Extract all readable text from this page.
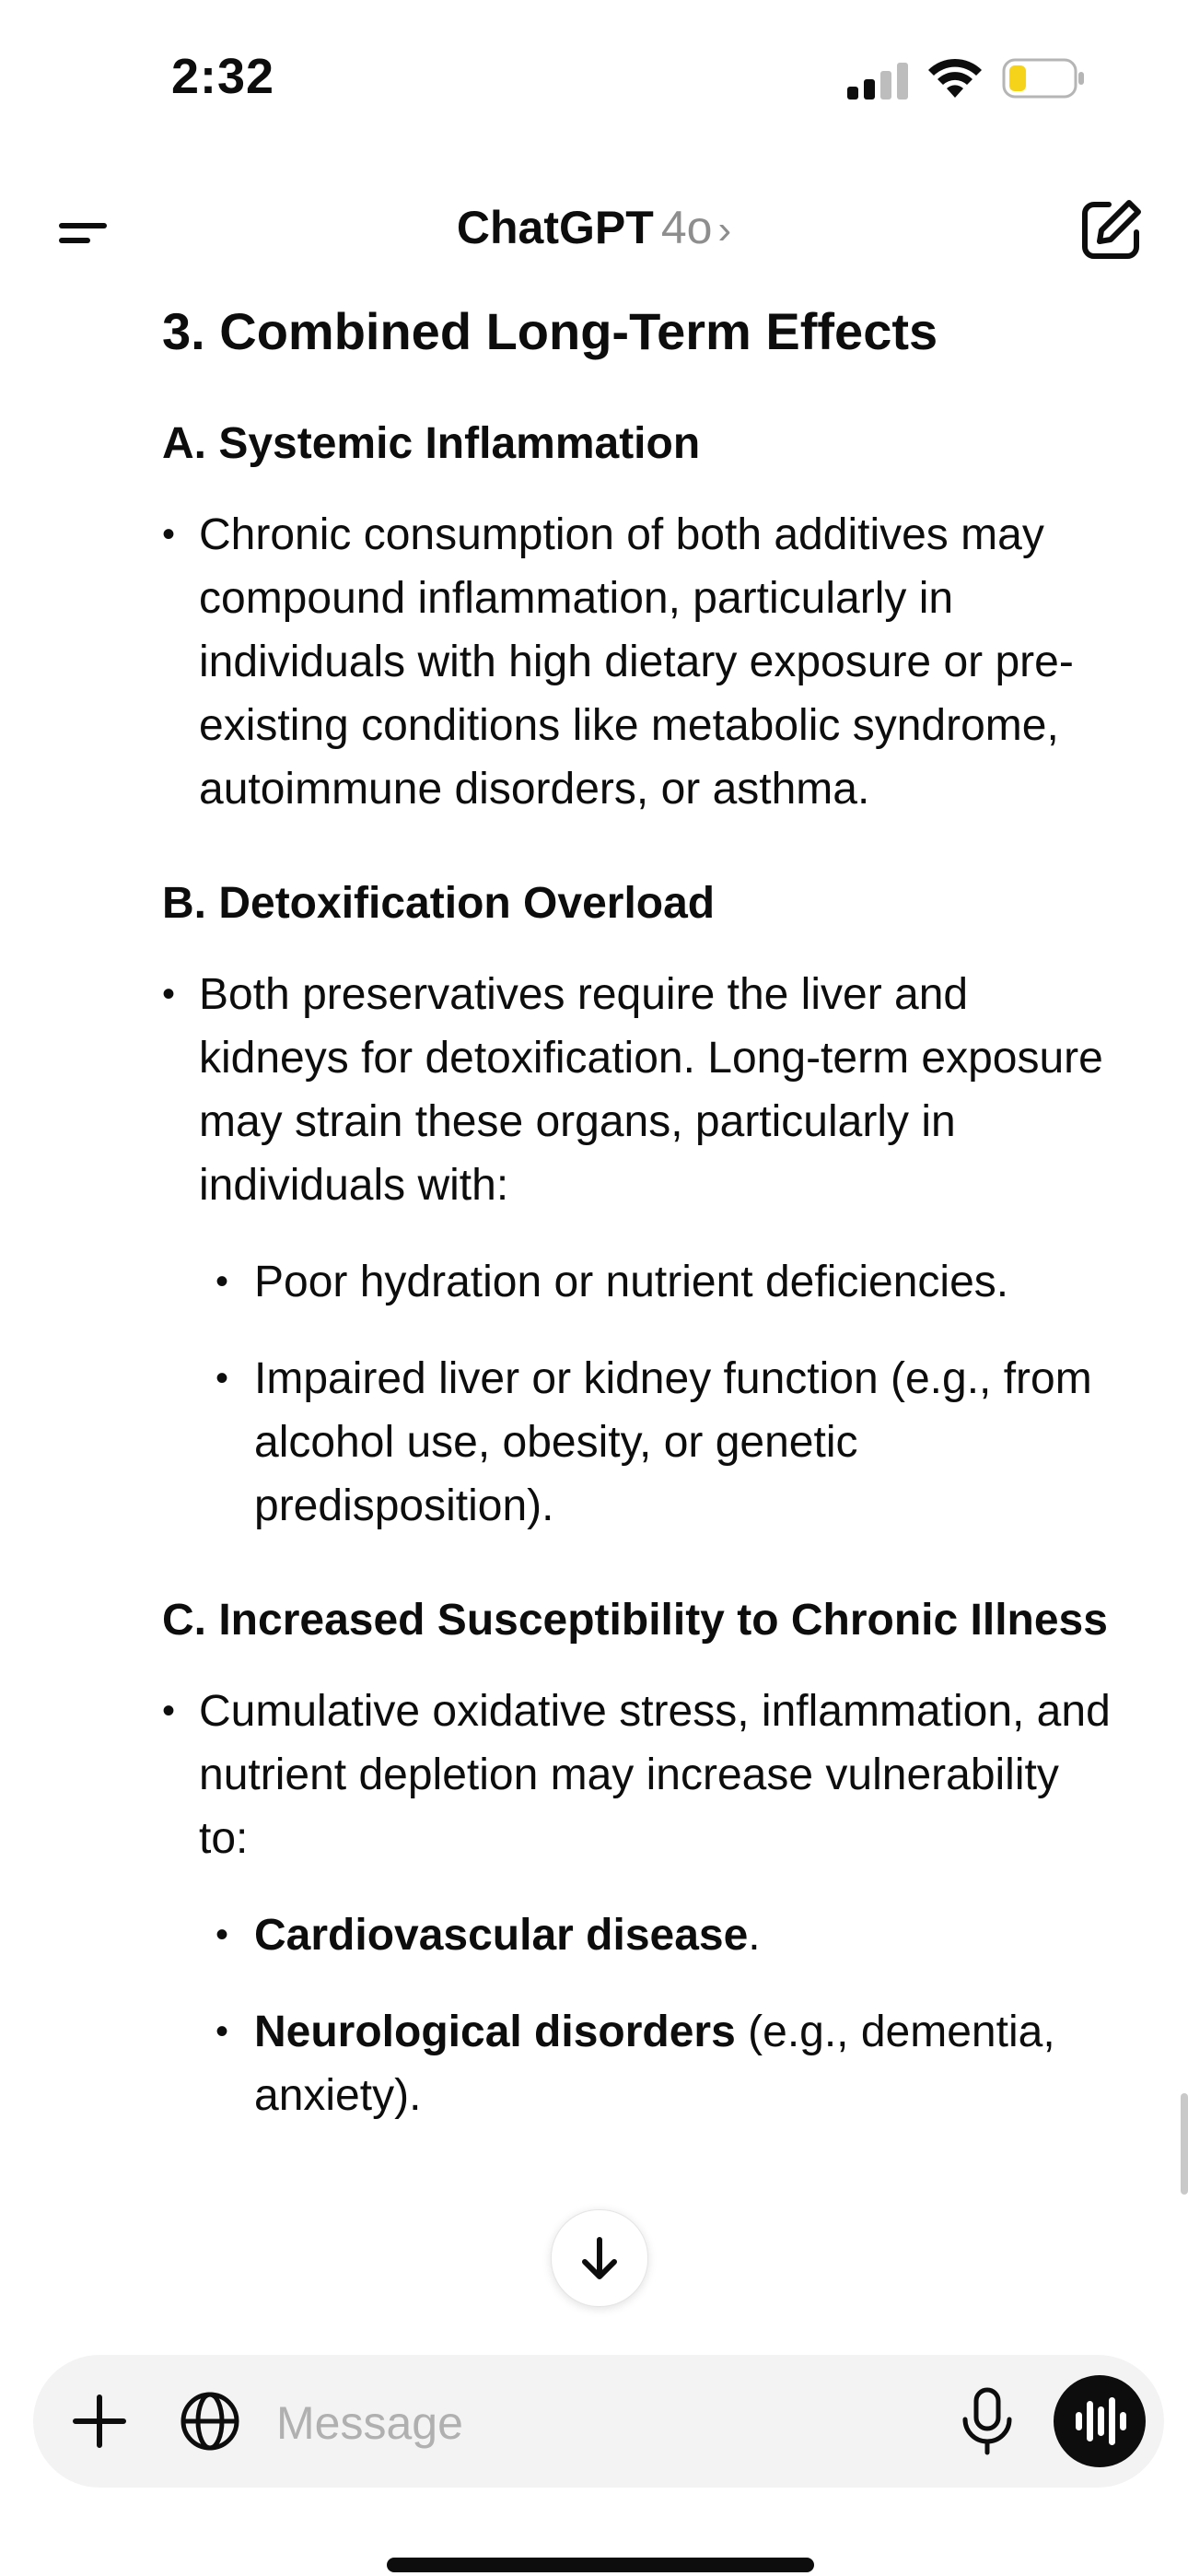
2:32
ChatGPT 4o ›
3. Combined Long-Term Effects
A. Systemic Inflammation
• Chronic consumption of both additives may compound inflammation, particularly in individuals with high dietary exposure or pre-existing conditions like metabolic syndrome, autoimmune disorders, or asthma.
B. Detoxification Overload
• Both preservatives require the liver and kidneys for detoxification. Long-term exposure may strain these organs, particularly in individuals with:
• Poor hydration or nutrient deficiencies.
• Impaired liver or kidney function (e.g., from alcohol use, obesity, or genetic predisposition).
C. Increased Susceptibility to Chronic Illness
• Cumulative oxidative stress, inflammation, and nutrient depletion may increase vulnerability to:
• Cardiovascular disease.
• Neurological disorders (e.g., dementia, anxiety).
Message
